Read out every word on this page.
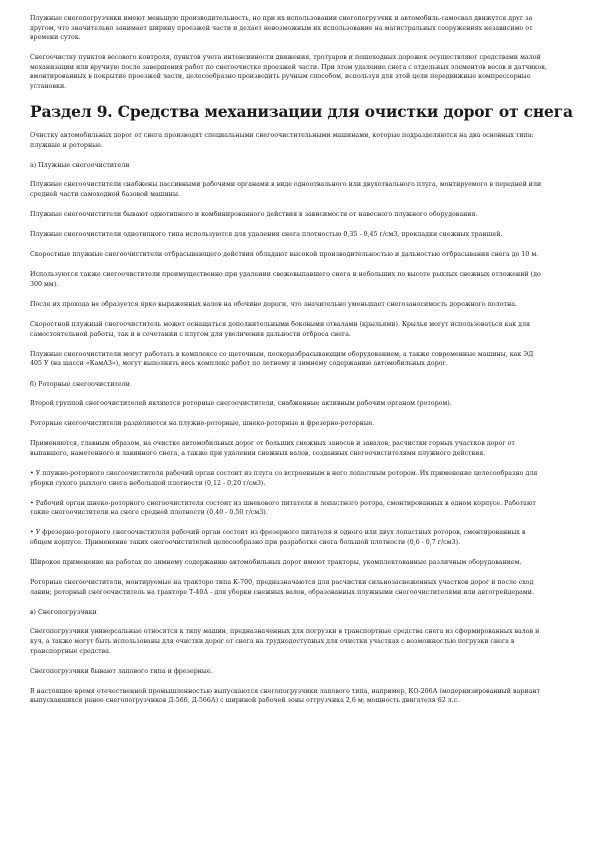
Плужные снегопогрузчики имеют меньшую производительность, но при их использовании снегопогрузчик и автомобиль-самосвал движутся друг за другом, что значительно занимает ширину проезжей части и делает невозможным их использование на магистральных сооружениях независимо от времени суток.

Снегоочистку пунктов весового контроля, пунктов учета интенсивности движения, тротуаров и пешеходных дорожек осуществляют средствами малой механизации или вручную после завершения работ по снегоочистке проезжей части. При этом удаление снега с отдельных элементов весов и датчиков, вмонтированных в покрытие проезжей части, целесообразно производить ручным способом, используя для этой цели передвижные компрессорные установки.

Раздел 9. Средства механизации для очистки дорог от снега

Очистку автомобильных дорог от снега производят специальными снегоочистительными машинами, которые подразделяются на два основных типа: плужные и роторные.

а) Плужные снегоочистители

Плужные снегоочистители снабжены пассивными рабочими органами в виде одноотвального или двухотвального плуга, монтируемого в передней или средней части самоходной базовой машины.

Плужные снегоочистители бывают однотипного и комбинированного действия в зависимости от навесного плужного оборудования.

Плужные снегоочистители однотипного типа используются для удаления снега плотностью 0,35 - 0,45 г/см3, прокладки снежных траншей.

Скоростные плужные снегоочистители отбрасывающего действия обладают высокой производительностью и дальностью отбрасывания снега до 10 м.

Используются также снегоочистители преимущественно при удалении свежевыпавшего снега и небольших по высоте рыхлых снежных отложений (до 300 мм).

После их прохода не образуется ярко выраженных валов на обочине дороги, что значительно уменьшает снегозаносимость дорожного полотна.

Скоростной плужный снегоочиститель может оснащаться дополнительными боковыми отвалами (крыльями). Крылья могут использоваться как для самостоятельной работы, так и в сочетании с плугом для увеличения дальности отброса снега.

Плужные снегоочистители могут работать в комплексе со щеточным, пескоразбрасывающим оборудованием, а также современные машины, как ЭД 405 У (на шасси «КамАЗ»), могут выполнять весь комплекс работ по летнему и зимнему содержанию автомобильных дорог.

б) Роторные снегоочистители

Второй группой снегоочистителей являются роторные снегоочистители, снабженные активным рабочим органом (ротором).

Роторные снегоочистители разделяются на плужно-роторные, шнеко-роторные и фрезерно-роторные.

Применяются, главным образом, на очистке автомобильных дорог от больших снежных заносов и завалов, расчистки горных участков дорог от выпавшего, наметенного и лавинного снега, а также при удалении снежных валов, созданных снегоочистителями плужного действия.

• У плужно-роторного снегоочистителя рабочий орган состоит из плуга со встроенным в него лопастным ротором. Их применение целесообразно для уборки сухого рыхлого снега небольшой плотности (0,12 - 0,20 г/см3).

• Рабочий орган шнеко-роторного снегоочистителя состоит из шнекового питателя и лопастного ротора, смонтированных в одном корпусе. Работают такие снегоочистители на снеге средней плотности (0,40 - 0,50 г/см3).

• У фрезерно-роторного снегоочистителя рабочий орган состоит из фрезерного питателя и одного или двух лопастных роторов, смонтированных в общем корпусе. Применение таких снегоочистителей целесообразно при разработке снега большой плотности (0,6 - 0,7 г/см3).

Широкое применение на работах по зимнему содержанию автомобильных дорог имеют тракторы, укомплектованные различным оборудованием.

Роторные снегоочистители, монтируемые на тракторе типа К-700, предназначаются для расчистки сильнозаснеженных участков дорог и после сход лавин; роторный снегоочиститель на тракторе Т-40А - для уборки снежных валов, образованных плужными снегоочистителями или автогрейдерами.

в) Снегопогрузчики

Снегопогрузчики универсальные относятся к типу машин, предназначенных для погрузки в транспортные средства снега из сформированных валов и куч, а также могут быть использованы для очистки дорог от снега на труднодоступных для очистки участках с возможностью погрузки снега в транспортные средства.

Снегопогрузчики бывают лапового типа и фрезерные.

В настоящее время отечественной промышленностью выпускаются снегопогрузчики лапового типа, например, КО-206А (модернизированный вариант выпускавшихся ранее снегопогрузчиков Д-566, Д-566А) с шириной рабочей зоны отгрузчика 2,6 м; мощность двигателя 62 л.с.
